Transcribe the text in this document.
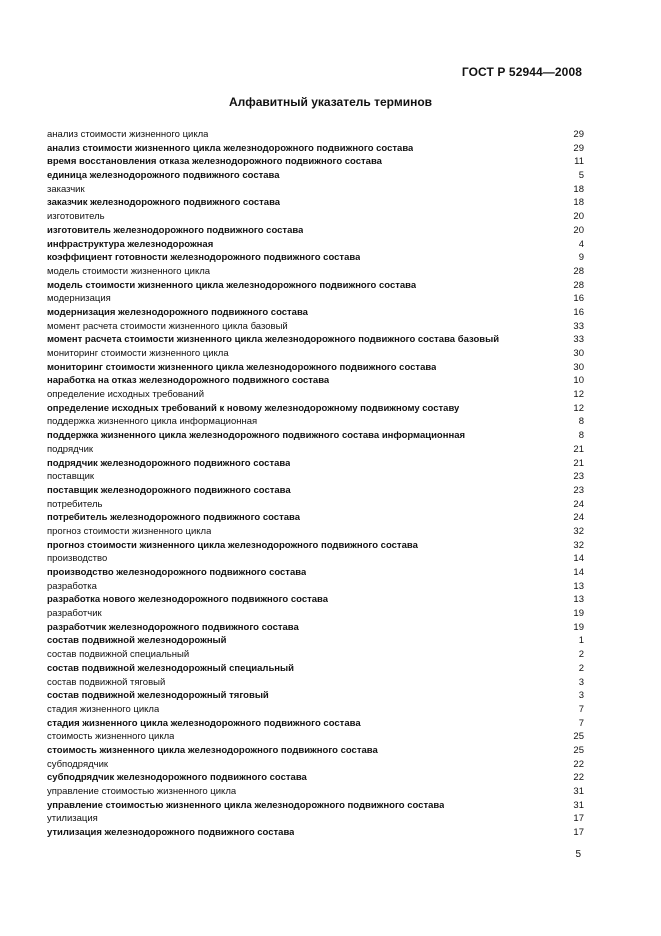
ГОСТ Р 52944—2008
Алфавитный указатель терминов
анализ стоимости жизненного цикла	29
анализ стоимости жизненного цикла железнодорожного подвижного состава	29
время восстановления отказа железнодорожного подвижного состава	11
единица железнодорожного подвижного состава	5
заказчик	18
заказчик железнодорожного подвижного состава	18
изготовитель	20
изготовитель железнодорожного подвижного состава	20
инфраструктура железнодорожная	4
коэффициент готовности железнодорожного подвижного состава	9
модель стоимости жизненного цикла	28
модель стоимости жизненного цикла железнодорожного подвижного состава	28
модернизация	16
модернизация железнодорожного подвижного состава	16
момент расчета стоимости жизненного цикла базовый	33
момент расчета стоимости жизненного цикла железнодорожного подвижного состава базовый	33
мониторинг стоимости жизненного цикла	30
мониторинг стоимости жизненного цикла железнодорожного подвижного состава	30
наработка на отказ железнодорожного подвижного состава	10
определение исходных требований	12
определение исходных требований к новому железнодорожному подвижному составу	12
поддержка жизненного цикла информационная	8
поддержка жизненного цикла железнодорожного подвижного состава информационная	8
подрядчик	21
подрядчик железнодорожного подвижного состава	21
поставщик	23
поставщик железнодорожного подвижного состава	23
потребитель	24
потребитель железнодорожного подвижного состава	24
прогноз стоимости жизненного цикла	32
прогноз стоимости жизненного цикла железнодорожного подвижного состава	32
производство	14
производство железнодорожного подвижного состава	14
разработка	13
разработка нового железнодорожного подвижного состава	13
разработчик	19
разработчик железнодорожного подвижного состава	19
состав подвижной железнодорожный	1
состав подвижной специальный	2
состав подвижной железнодорожный специальный	2
состав подвижной тяговый	3
состав подвижной железнодорожный тяговый	3
стадия жизненного цикла	7
стадия жизненного цикла железнодорожного подвижного состава	7
стоимость жизненного цикла	25
стоимость жизненного цикла железнодорожного подвижного состава	25
субподрядчик	22
субподрядчик железнодорожного подвижного состава	22
управление стоимостью жизненного цикла	31
управление стоимостью жизненного цикла железнодорожного подвижного состава	31
утилизация	17
утилизация железнодорожного подвижного состава	17
5
